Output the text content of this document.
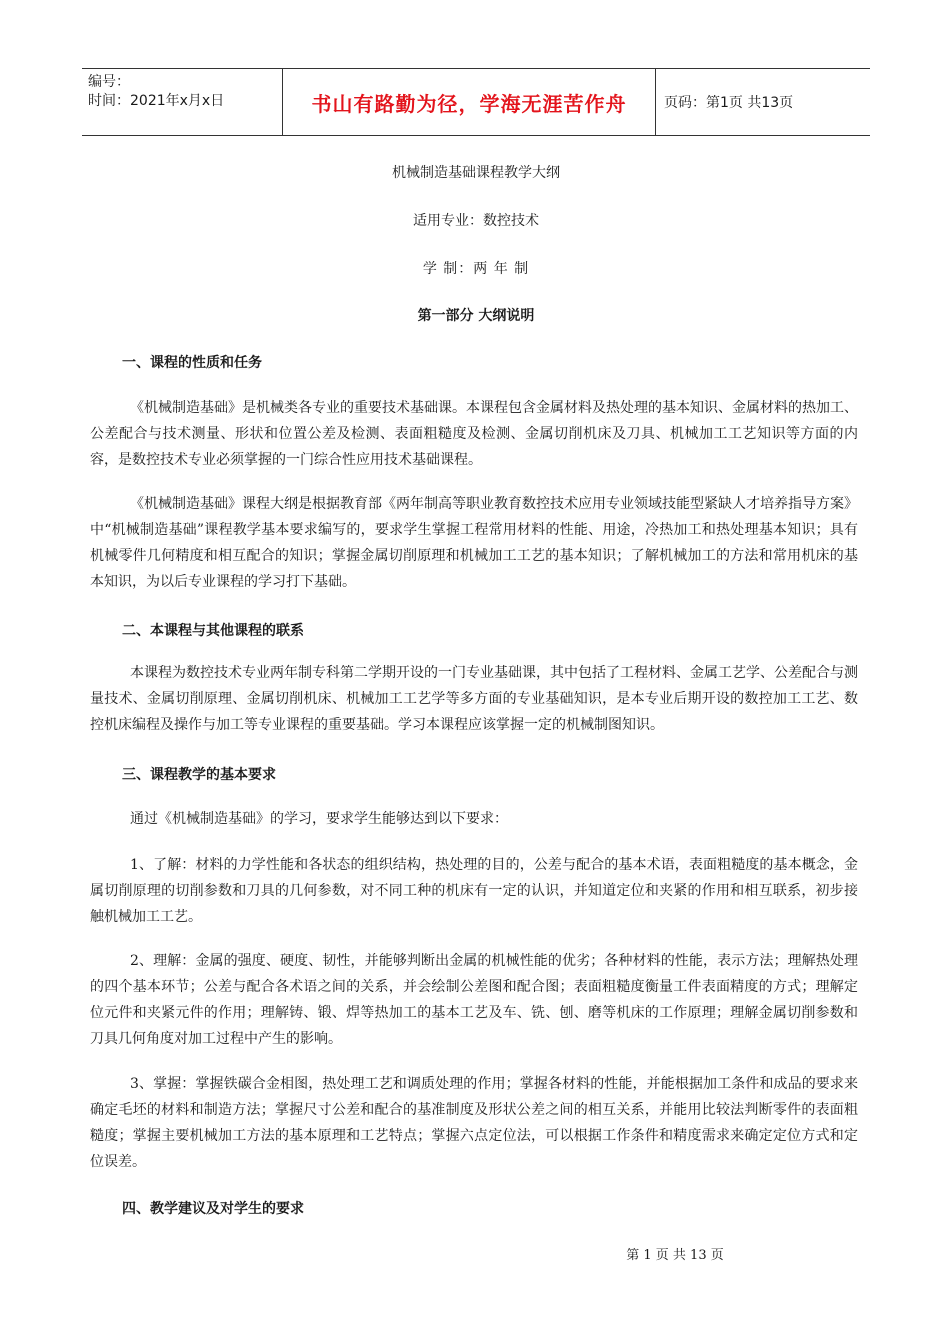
编号：
时间：2021年x月x日	书山有路勤为径，学海无涯苦作舟	页码：第1页 共13页
机械制造基础课程教学大纲
适用专业：数控技术
学 制：两 年 制
第一部分 大纲说明
一、课程的性质和任务

《机械制造基础》是机械类各专业的重要技术基础课。本课程包含金属材料及热处理的基本知识、金属材料的热加工、公差配合与技术测量、形状和位置公差及检测、表面粗糙度及检测、金属切削机床及刀具、机械加工工艺知识等方面的内容，是数控技术专业必须掌握的一门综合性应用技术基础课程。

《机械制造基础》课程大纲是根据教育部《两年制高等职业教育数控技术应用专业领域技能型紧缺人才培养指导方案》中“机械制造基础”课程教学基本要求编写的，要求学生掌握工程常用材料的性能、用途，冷热加工和热处理基本知识；具有机械零件几何精度和相互配合的知识；掌握金属切削原理和机械加工工艺的基本知识；了解机械加工的方法和常用机床的基本知识，为以后专业课程的学习打下基础。

二、本课程与其他课程的联系

本课程为数控技术专业两年制专科第二学期开设的一门专业基础课，其中包括了工程材料、金属工艺学、公差配合与测量技术、金属切削原理、金属切削机床、机械加工工艺学等多方面的专业基础知识，是本专业后期开设的数控加工工艺、数控机床编程及操作与加工等专业课程的重要基础。学习本课程应该掌握一定的机械制图知识。

三、课程教学的基本要求

通过《机械制造基础》的学习，要求学生能够达到以下要求：

1、了解：材料的力学性能和各状态的组织结构，热处理的目的，公差与配合的基本术语，表面粗糙度的基本概念，金属切削原理的切削参数和刀具的几何参数，对不同工种的机床有一定的认识，并知道定位和夹紧的作用和相互联系，初步接触机械加工工艺。

2、理解：金属的强度、硬度、韧性，并能够判断出金属的机械性能的优劣；各种材料的性能，表示方法；理解热处理的四个基本环节；公差与配合各术语之间的关系，并会绘制公差图和配合图；表面粗糙度衡量工件表面精度的方式；理解定位元件和夹紧元件的作用；理解铸、锻、焊等热加工的基本工艺及车、铣、刨、磨等机床的工作原理；理解金属切削参数和刀具几何角度对加工过程中产生的影响。

3、掌握：掌握铁碳合金相图，热处理工艺和调质处理的作用；掌握各材料的性能，并能根据加工条件和成品的要求来确定毛坯的材料和制造方法；掌握尺寸公差和配合的基准制度及形状公差之间的相互关系，并能用比较法判断零件的表面粗糙度；掌握主要机械加工方法的基本原理和工艺特点；掌握六点定位法，可以根据工作条件和精度需求来确定定位方式和定位误差。

四、教学建议及对学生的要求
第 1 页 共 13 页
